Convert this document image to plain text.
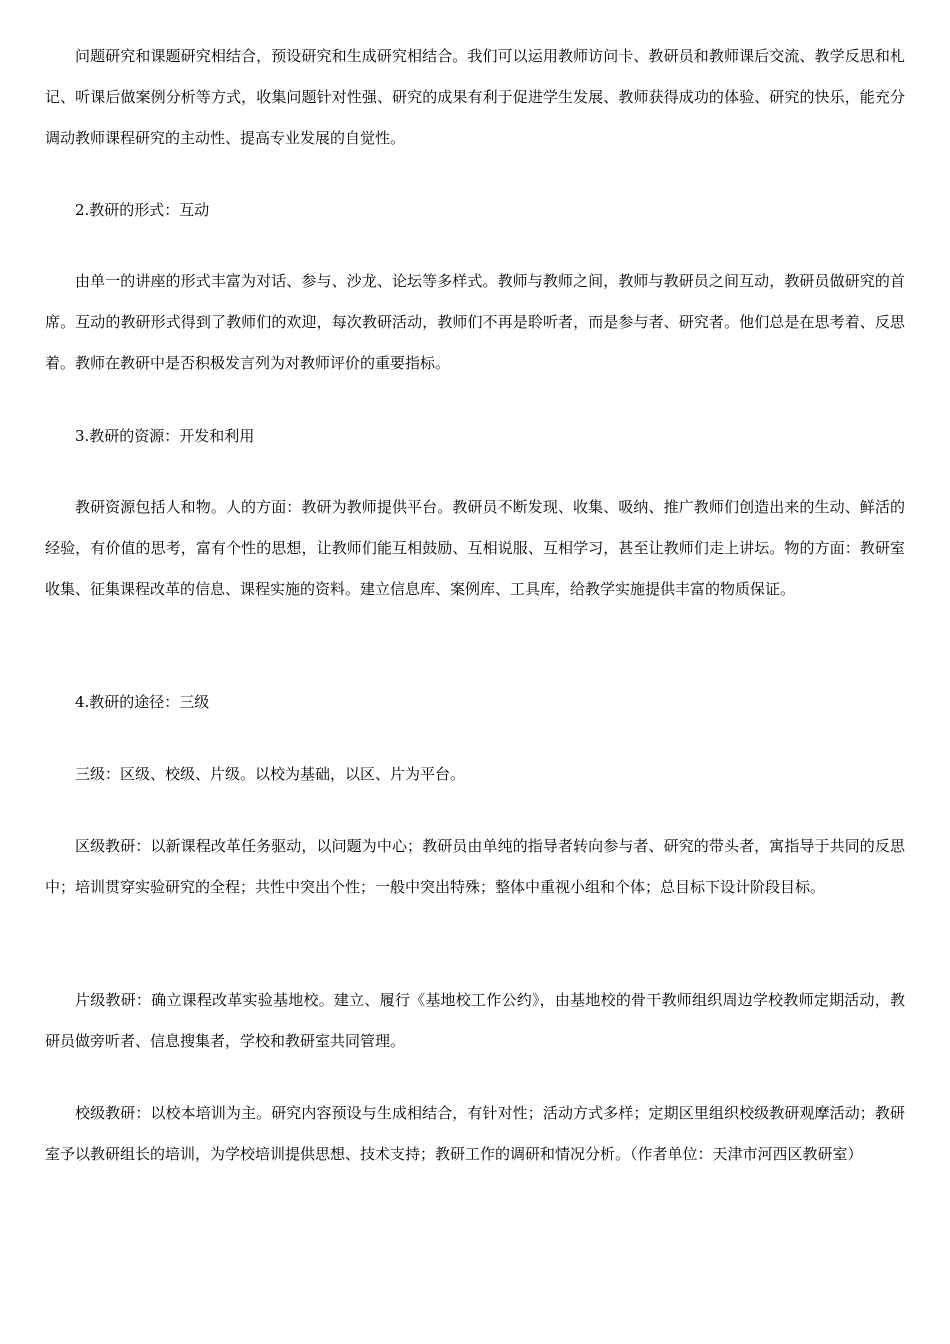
问题研究和课题研究相结合，预设研究和生成研究相结合。我们可以运用教师访问卡、教研员和教师课后交流、教学反思和札记、听课后做案例分析等方式，收集问题针对性强、研究的成果有利于促进学生发展、教师获得成功的体验、研究的快乐，能充分调动教师课程研究的主动性、提高专业发展的自觉性。

2.教研的形式：互动

由单一的讲座的形式丰富为对话、参与、沙龙、论坛等多样式。教师与教师之间，教师与教研员之间互动，教研员做研究的首席。互动的教研形式得到了教师们的欢迎，每次教研活动，教师们不再是聆听者，而是参与者、研究者。他们总是在思考着、反思着。教师在教研中是否积极发言列为对教师评价的重要指标。

3.教研的资源：开发和利用

教研资源包括人和物。人的方面：教研为教师提供平台。教研员不断发现、收集、吸纳、推广教师们创造出来的生动、鲜活的经验，有价值的思考，富有个性的思想，让教师们能互相鼓励、互相说服、互相学习，甚至让教师们走上讲坛。物的方面：教研室收集、征集课程改革的信息、课程实施的资料。建立信息库、案例库、工具库，给教学实施提供丰富的物质保证。

4.教研的途径：三级

三级：区级、校级、片级。以校为基础，以区、片为平台。

区级教研：以新课程改革任务驱动，以问题为中心；教研员由单纯的指导者转向参与者、研究的带头者，寓指导于共同的反思中；培训贯穿实验研究的全程；共性中突出个性；一般中突出特殊；整体中重视小组和个体；总目标下设计阶段目标。

片级教研：确立课程改革实验基地校。建立、履行《基地校工作公约》，由基地校的骨干教师组织周边学校教师定期活动，教研员做旁听者、信息搜集者，学校和教研室共同管理。

校级教研：以校本培训为主。研究内容预设与生成相结合，有针对性；活动方式多样；定期区里组织校级教研观摩活动；教研室予以教研组长的培训，为学校培训提供思想、技术支持；教研工作的调研和情况分析。（作者单位：天津市河西区教研室）
